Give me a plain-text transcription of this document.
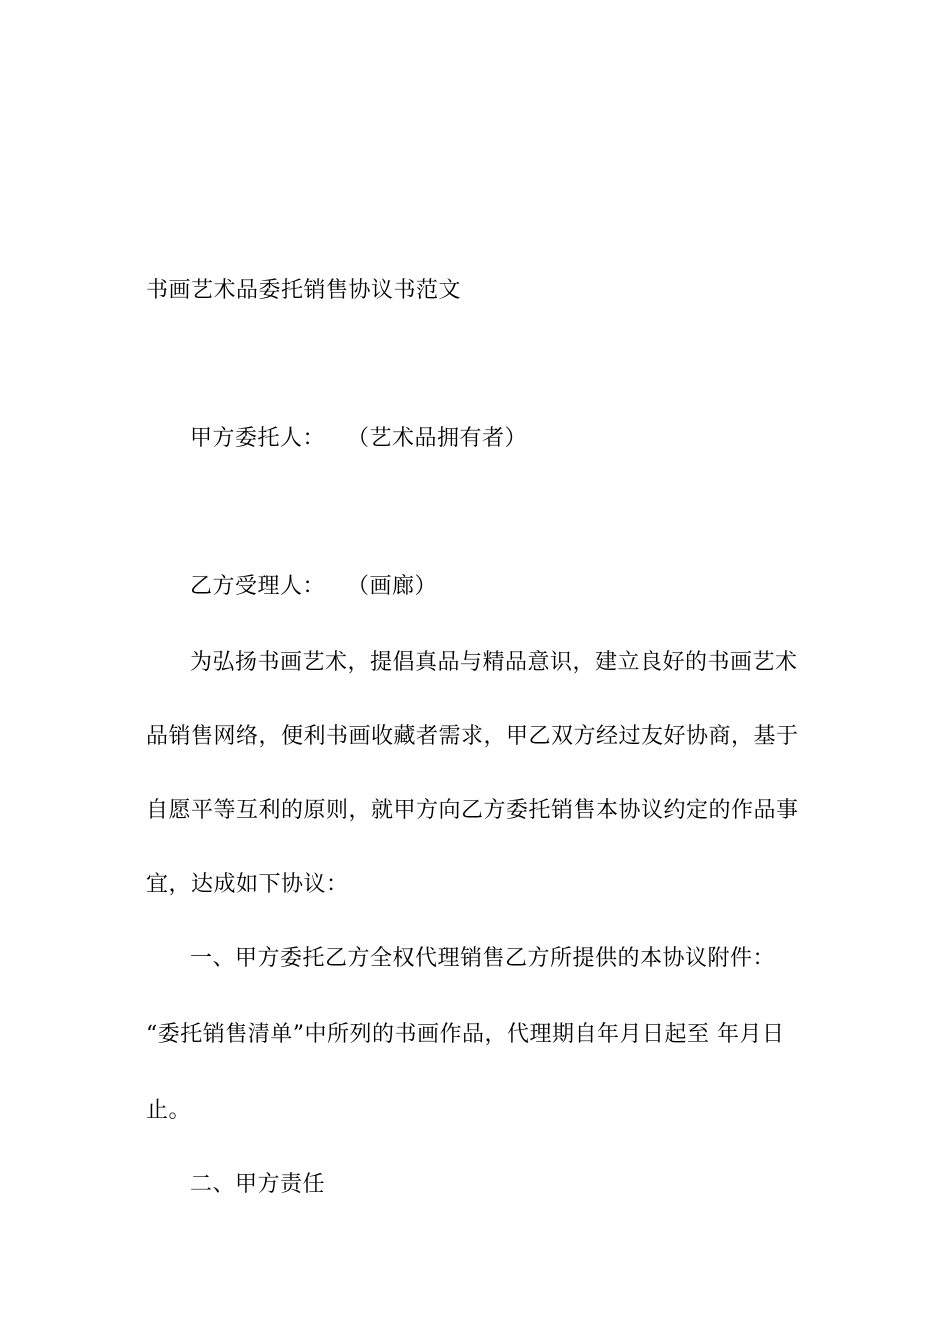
书画艺术品委托销售协议书范文
甲方委托人： （艺术品拥有者）
乙方受理人： （画廊）
为弘扬书画艺术，提倡真品与精品意识，建立良好的书画艺术
品销售网络，便利书画收藏者需求，甲乙双方经过友好协商，基于
自愿平等互利的原则，就甲方向乙方委托销售本协议约定的作品事
宜，达成如下协议：
一、甲方委托乙方全权代理销售乙方所提供的本协议附件：
“委托销售清单”中所列的书画作品，代理期自年月日起至 年月日
止。
二、甲方责任
